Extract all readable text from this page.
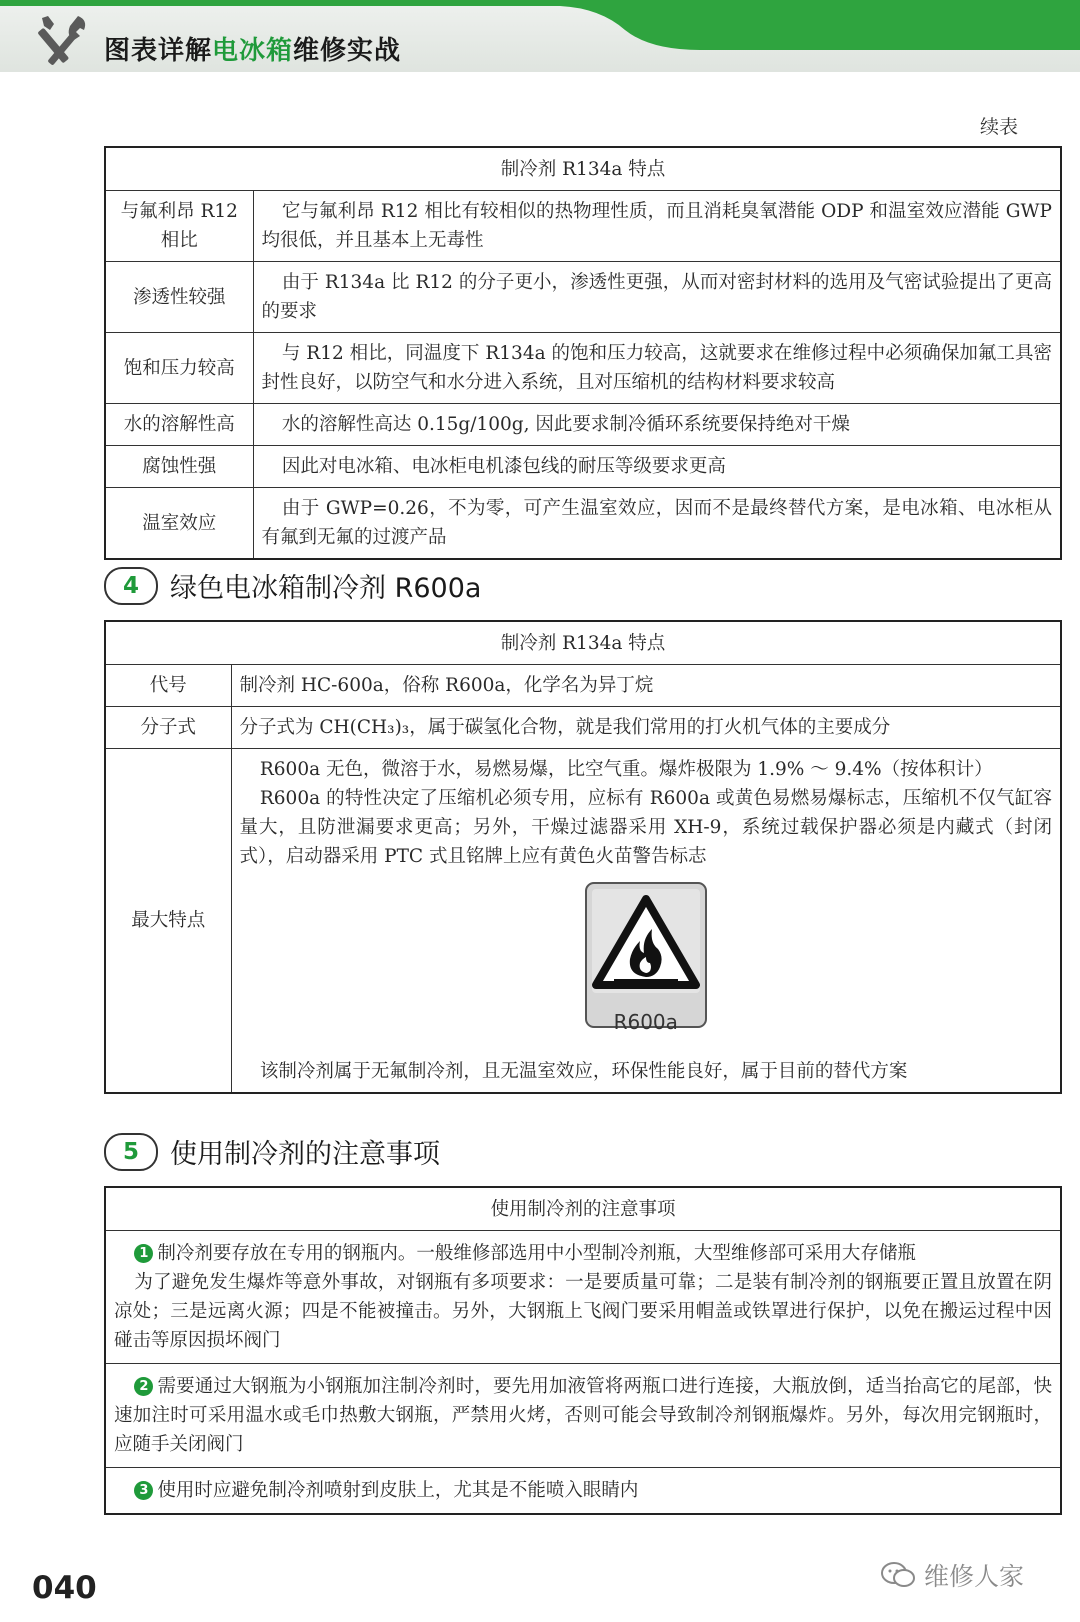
图表详解电冰箱维修实战
续表
制冷剂 R134a 特点	
与氟利昂 R12 相比	它与氟利昂 R12 相比有较相似的热物理性质，而且消耗臭氧潜能 ODP 和温室效应潜能 GWP 均很低，并且基本上无毒性
渗透性较强	由于 R134a 比 R12 的分子更小，渗透性更强，从而对密封材料的选用及气密试验提出了更高的要求
饱和压力较高	与 R12 相比，同温度下 R134a 的饱和压力较高，这就要求在维修过程中必须确保加氟工具密封性良好，以防空气和水分进入系统，且对压缩机的结构材料要求较高
水的溶解性高	水的溶解性高达 0.15g/100g, 因此要求制冷循环系统要保持绝对干燥
腐蚀性强	因此对电冰箱、电冰柜电机漆包线的耐压等级要求更高
温室效应	由于 GWP=0.26，不为零，可产生温室效应，因而不是最终替代方案，是电冰箱、电冰柜从有氟到无氟的过渡产品
4	绿色电冰箱制冷剂 R600a
制冷剂 R134a 特点	
代号	制冷剂 HC-600a，俗称 R600a，化学名为异丁烷
分子式	分子式为 CH(CH₃)₃，属于碳氢化合物，就是我们常用的打火机气体的主要成分
最大特点	R600a 无色，微溶于水，易燃易爆，比空气重。爆炸极限为 1.9% ～ 9.4%（按体积计）
R600a 的特性决定了压缩机必须专用，应标有 R600a 或黄色易燃易爆标志，压缩机不仅气缸容量大，且防泄漏要求更高；另外，干燥过滤器采用 XH-9，系统过载保护器必须是内藏式（封闭式），启动器采用 PTC 式且铭牌上应有黄色火苗警告标志
R600a
该制冷剂属于无氟制冷剂，且无温室效应，环保性能良好，属于目前的替代方案
5	使用制冷剂的注意事项
使用制冷剂的注意事项

1 制冷剂要存放在专用的钢瓶内。一般维修部选用中小型制冷剂瓶，大型维修部可采用大存储瓶
为了避免发生爆炸等意外事故，对钢瓶有多项要求：一是要质量可靠；二是装有制冷剂的钢瓶要正置且放置在阴凉处；三是远离火源；四是不能被撞击。另外，大钢瓶上飞阀门要采用帽盖或铁罩进行保护，以免在搬运过程中因碰击等原因损坏阀门

2 需要通过大钢瓶为小钢瓶加注制冷剂时，要先用加液管将两瓶口进行连接，大瓶放倒，适当抬高它的尾部，快速加注时可采用温水或毛巾热敷大钢瓶，严禁用火烤，否则可能会导致制冷剂钢瓶爆炸。另外，每次用完钢瓶时，应随手关闭阀门

3 使用时应避免制冷剂喷射到皮肤上，尤其是不能喷入眼睛内
040	维修人家
